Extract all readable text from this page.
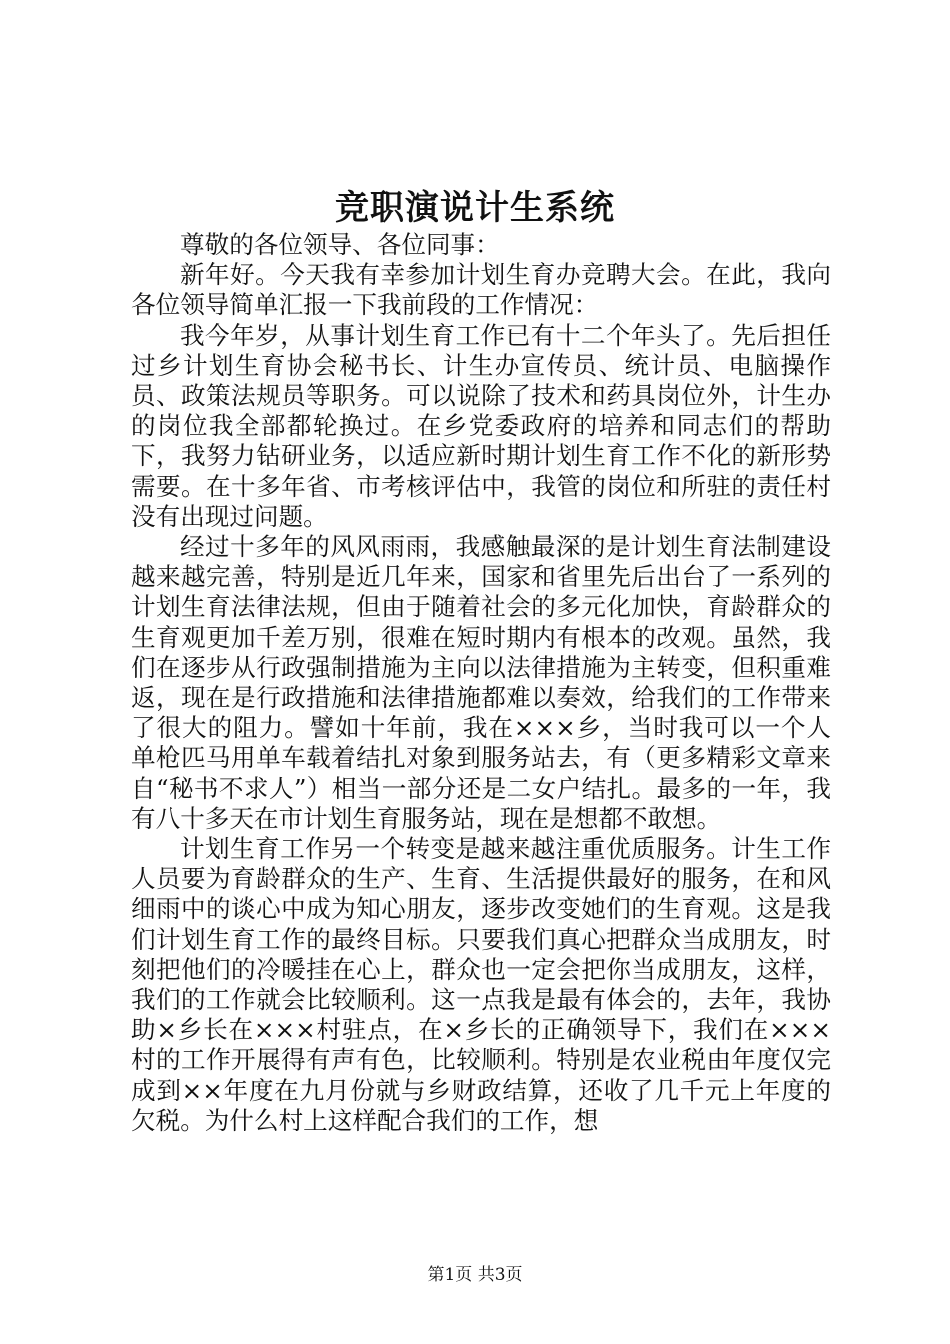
竞职演说计生系统

尊敬的各位领导、各位同事：

新年好。今天我有幸参加计划生育办竞聘大会。在此，我向各位领导简单汇报一下我前段的工作情况：

我今年岁，从事计划生育工作已有十二个年头了。先后担任过乡计划生育协会秘书长、计生办宣传员、统计员、电脑操作员、政策法规员等职务。可以说除了技术和药具岗位外，计生办的岗位我全部都轮换过。在乡党委政府的培养和同志们的帮助下，我努力钻研业务，以适应新时期计划生育工作不化的新形势需要。在十多年省、市考核评估中，我管的岗位和所驻的责任村没有出现过问题。

经过十多年的风风雨雨，我感触最深的是计划生育法制建设越来越完善，特别是近几年来，国家和省里先后出台了一系列的计划生育法律法规，但由于随着社会的多元化加快，育龄群众的生育观更加千差万别，很难在短时期内有根本的改观。虽然，我们在逐步从行政强制措施为主向以法律措施为主转变，但积重难返，现在是行政措施和法律措施都难以奏效，给我们的工作带来了很大的阻力。譬如十年前，我在×××乡，当时我可以一个人单枪匹马用单车载着结扎对象到服务站去，有（更多精彩文章来自“秘书不求人”）相当一部分还是二女户结扎。最多的一年，我有八十多天在市计划生育服务站，现在是想都不敢想。

计划生育工作另一个转变是越来越注重优质服务。计生工作人员要为育龄群众的生产、生育、生活提供最好的服务，在和风细雨中的谈心中成为知心朋友，逐步改变她们的生育观。这是我们计划生育工作的最终目标。只要我们真心把群众当成朋友，时刻把他们的冷暖挂在心上，群众也一定会把你当成朋友，这样，我们的工作就会比较顺利。这一点我是最有体会的，去年，我协助×乡长在×××村驻点，在×乡长的正确领导下，我们在×××村的工作开展得有声有色，比较顺利。特别是农业税由年度仅完成到××年度在九月份就与乡财政结算，还收了几千元上年度的欠税。为什么村上这样配合我们的工作，想

第1页 共3页
